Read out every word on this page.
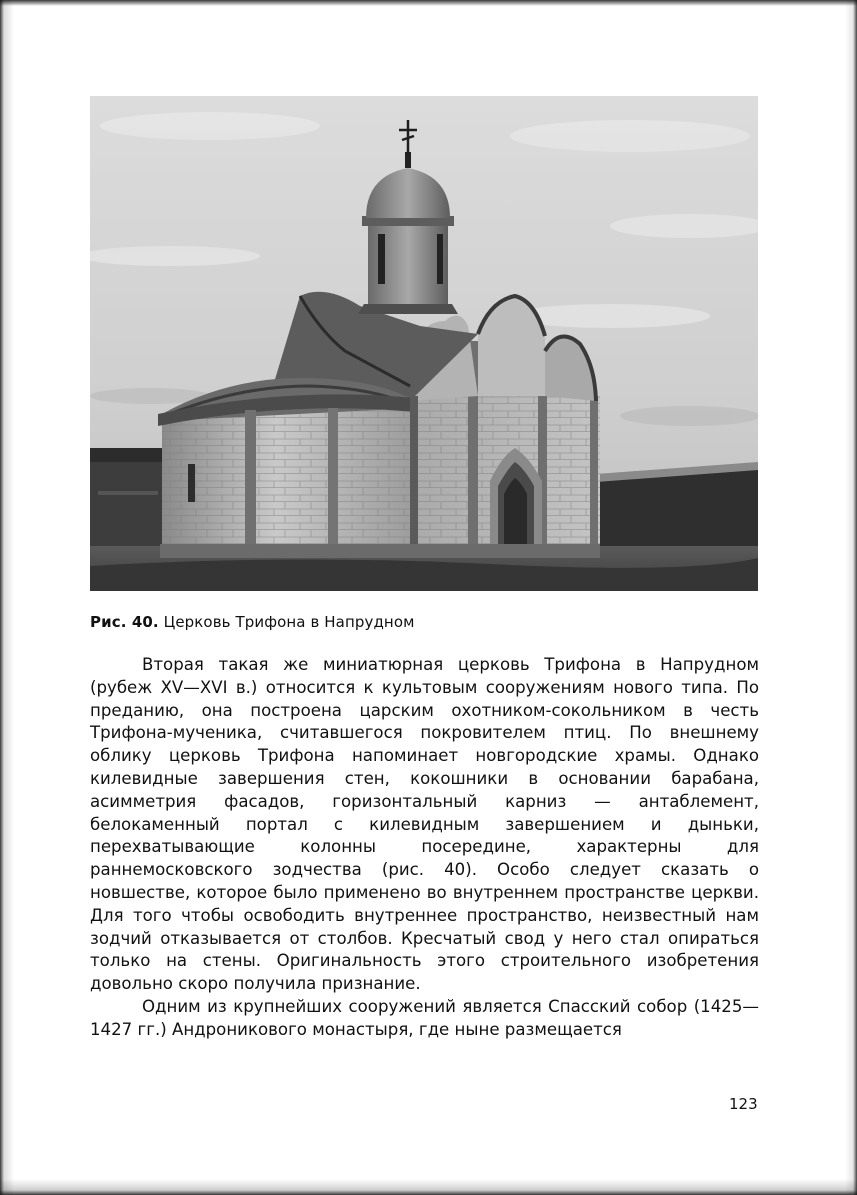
Рис. 40. Церковь Трифона в Напрудном

Вторая такая же миниатюрная церковь Трифона в Напрудном (рубеж XV—XVI в.) относится к культовым сооружениям нового типа. По преданию, она построена царским охотником-сокольником в честь Трифона-мученика, считавшегося покровителем птиц. По внешнему облику церковь Трифона напоминает новгородские храмы. Однако килевидные завершения стен, кокошники в основании барабана, асимметрия фасадов, горизонтальный карниз — антаблемент, белокаменный портал с килевидным завершением и дыньки, перехватывающие колонны посередине, характерны для раннемосковского зодчества (рис. 40). Особо следует сказать о новшестве, которое было применено во внутреннем пространстве церкви. Для того чтобы освободить внутреннее пространство, неизвестный нам зодчий отказывается от столбов. Кресчатый свод у него стал опираться только на стены. Оригинальность этого строительного изобретения довольно скоро получила признание.

Одним из крупнейших сооружений является Спасский собор (1425—1427 гг.) Андроникового монастыря, где ныне размещается

123
